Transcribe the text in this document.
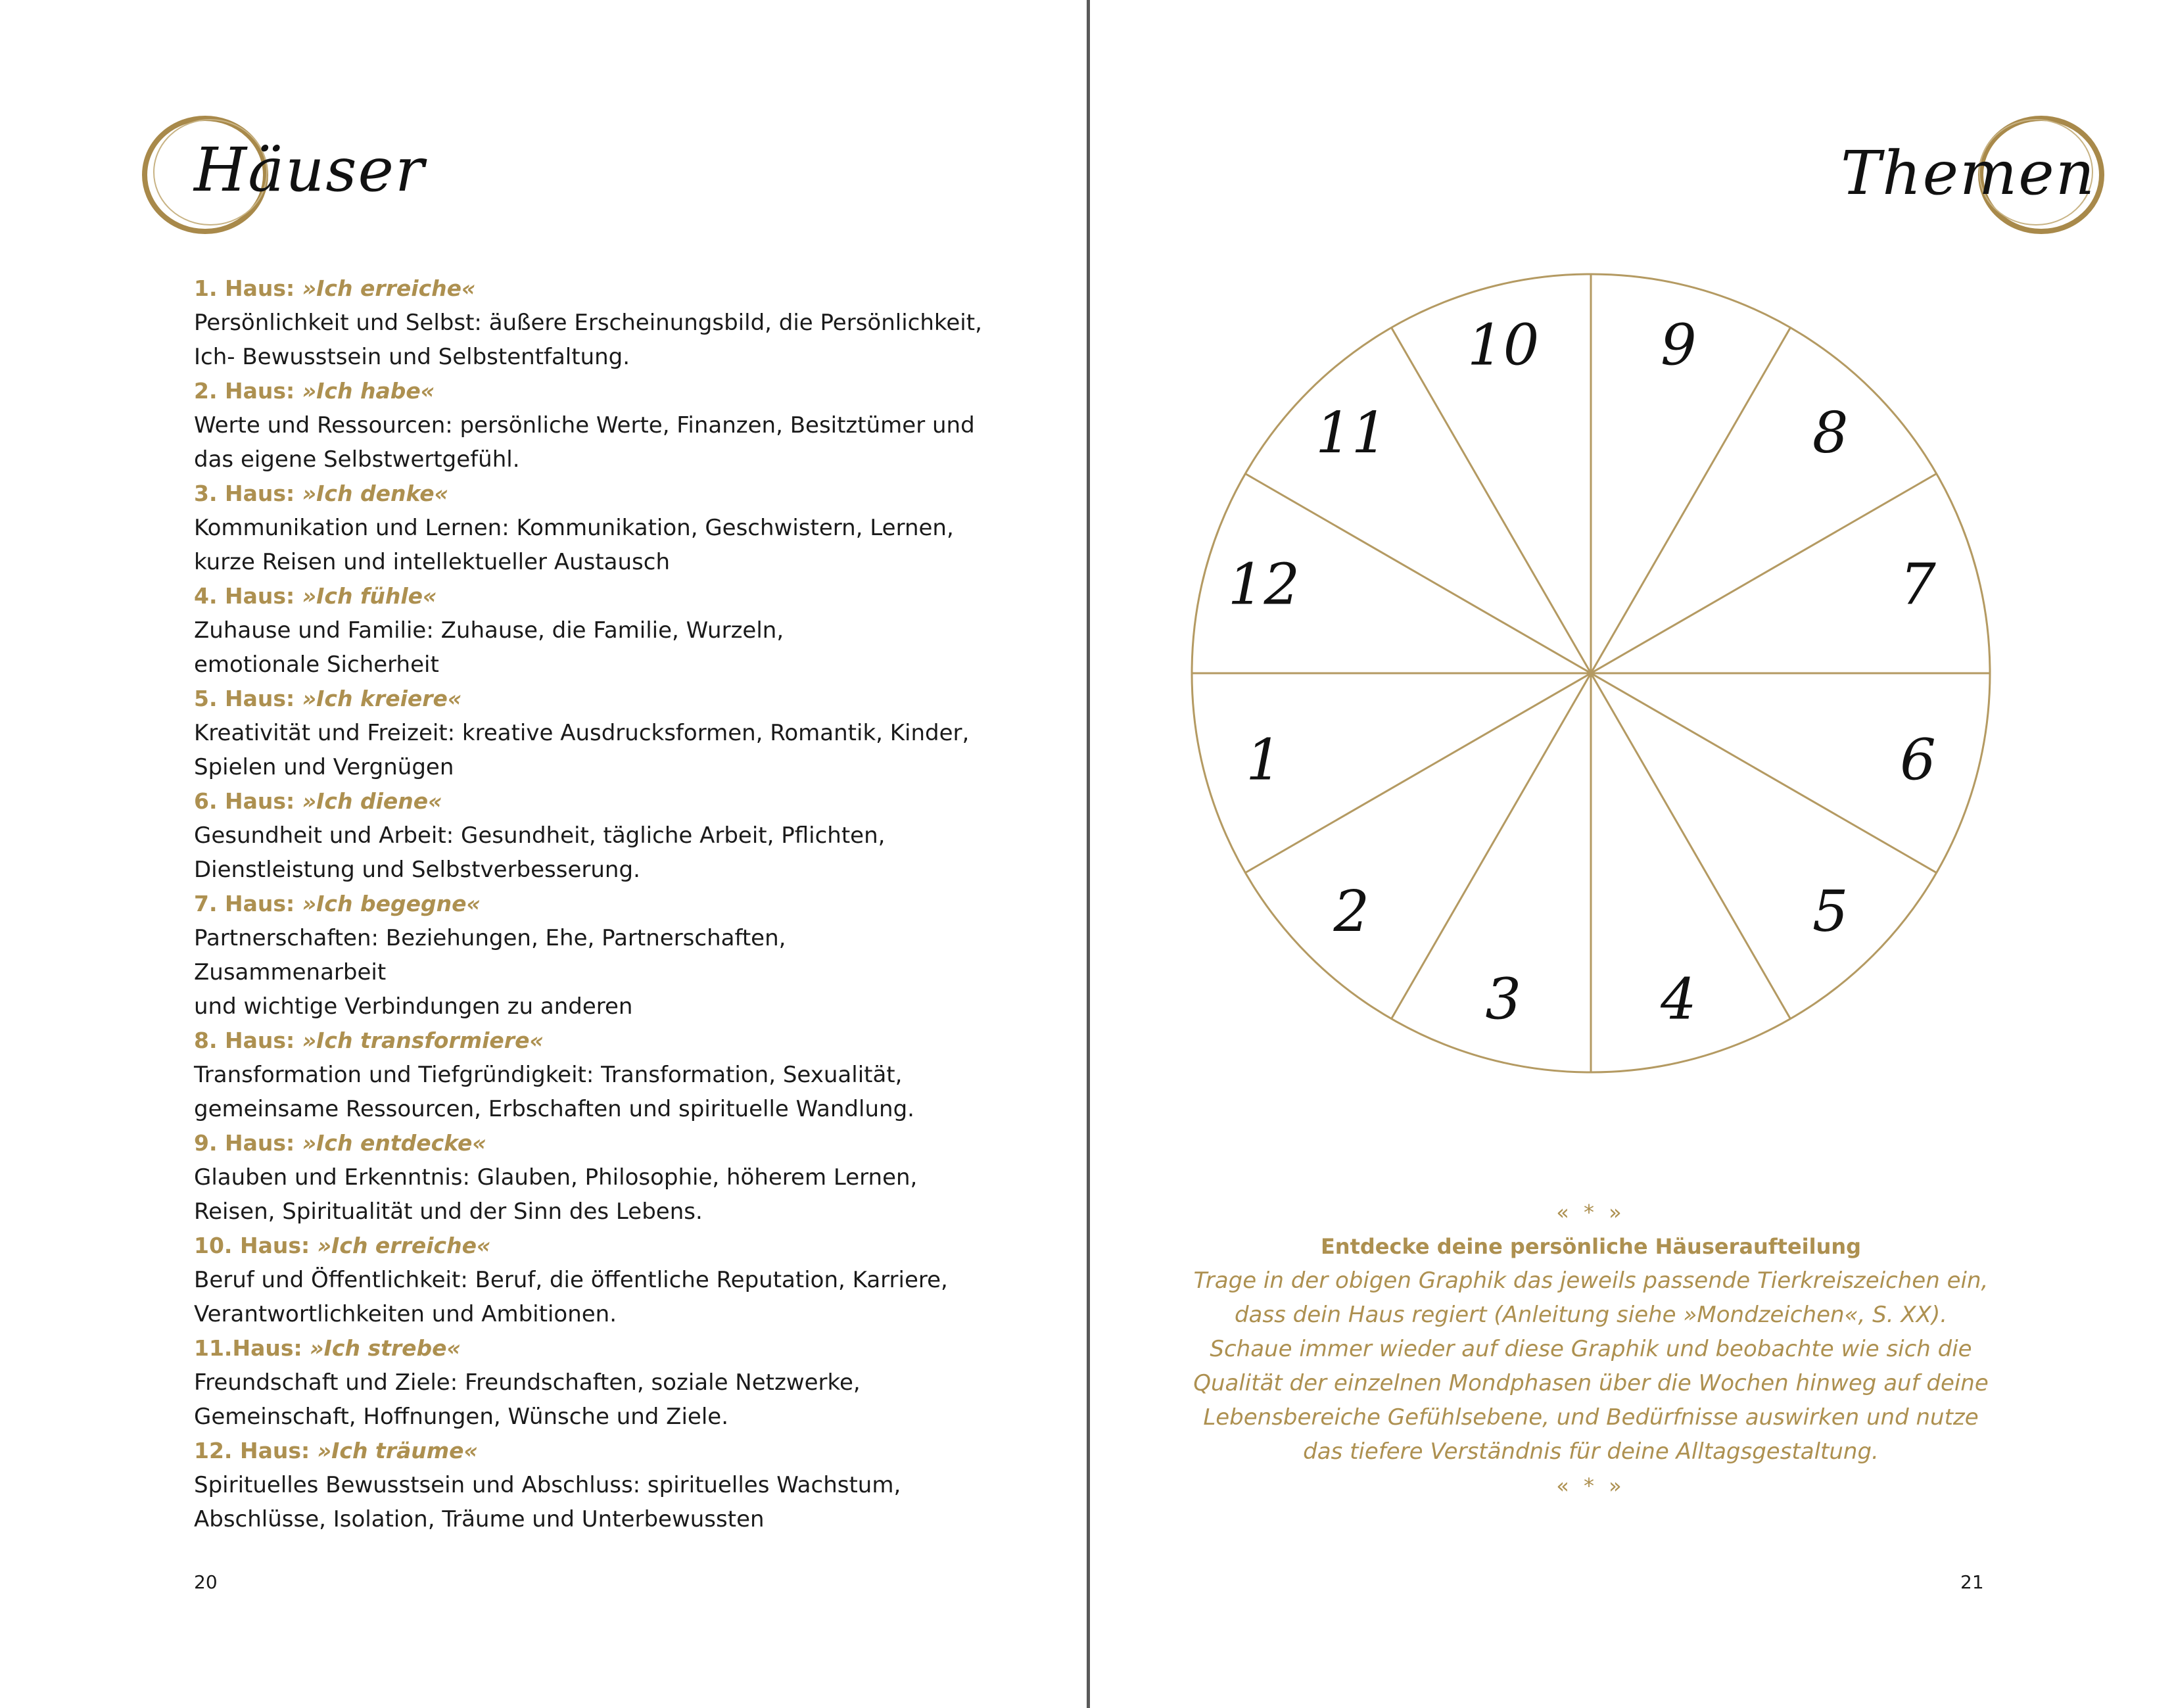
Häuser
1. Haus: »Ich erreiche«
Persönlichkeit und Selbst: äußere Erscheinungsbild, die Persönlichkeit,
Ich- Bewusstsein und Selbstentfaltung.
2. Haus: »Ich habe«
Werte und Ressourcen: persönliche Werte, Finanzen, Besitztümer und
das eigene Selbstwertgefühl.
3. Haus: »Ich denke«
Kommunikation und Lernen: Kommunikation, Geschwistern, Lernen,
kurze Reisen und intellektueller Austausch
4. Haus: »Ich fühle«
Zuhause und Familie: Zuhause, die Familie, Wurzeln,
emotionale Sicherheit
5. Haus: »Ich kreiere«
Kreativität und Freizeit: kreative Ausdrucksformen, Romantik, Kinder,
Spielen und Vergnügen
6. Haus: »Ich diene«
Gesundheit und Arbeit: Gesundheit, tägliche Arbeit, Pflichten,
Dienstleistung und Selbstverbesserung.
7. Haus: »Ich begegne«
Partnerschaften: Beziehungen, Ehe, Partnerschaften, Zusammenarbeit
und wichtige Verbindungen zu anderen
8. Haus: »Ich transformiere«
Transformation und Tiefgründigkeit: Transformation, Sexualität,
gemeinsame Ressourcen, Erbschaften und spirituelle Wandlung.
9. Haus: »Ich entdecke«
Glauben und Erkenntnis: Glauben, Philosophie, höherem Lernen,
Reisen, Spiritualität und der Sinn des Lebens.
10. Haus: »Ich erreiche«
Beruf und Öffentlichkeit: Beruf, die öffentliche Reputation, Karriere,
Verantwortlichkeiten und Ambitionen.
11.Haus: »Ich strebe«
Freundschaft und Ziele: Freundschaften, soziale Netzwerke,
Gemeinschaft, Hoffnungen, Wünsche und Ziele.
12. Haus: »Ich träume«
Spirituelles Bewusstsein und Abschluss: spirituelles Wachstum,
Abschlüsse, Isolation, Träume und Unterbewussten
20
Themen
21
1
2
3 4
5
6
7
8
9
10
11
12
« * »
Entdecke deine persönliche Häuseraufteilung
Trage in der obigen Graphik das jeweils passende Tierkreiszeichen ein,
dass dein Haus regiert (Anleitung siehe »Mondzeichen«, S. XX).
Schaue immer wieder auf diese Graphik und beobachte wie sich die
Qualität der einzelnen Mondphasen über die Wochen hinweg auf deine
Lebensbereiche Gefühlsebene, und Bedürfnisse auswirken und nutze
das tiefere Verständnis für deine Alltagsgestaltung.
« * »
